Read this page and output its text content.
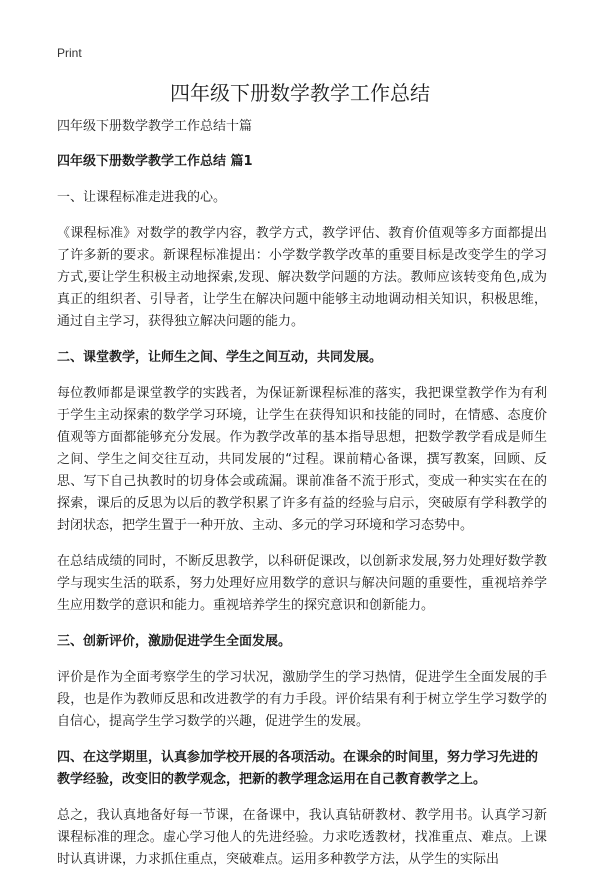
Print
四年级下册数学教学工作总结

四年级下册数学教学工作总结十篇

四年级下册数学教学工作总结 篇1

一、让课程标准走进我的心。

《课程标准》对数学的教学内容，教学方式，教学评估、教育价值观等多方面都提出了许多新的要求。新课程标准提出：小学数学教学改革的重要目标是改变学生的学习方式,要让学生积极主动地探索,发现、解决数学问题的方法。教师应该转变角色,成为真正的组织者、引导者，让学生在解决问题中能够主动地调动相关知识，积极思维，通过自主学习，获得独立解决问题的能力。

二、课堂教学，让师生之间、学生之间互动，共同发展。

每位教师都是课堂教学的实践者，为保证新课程标准的落实，我把课堂教学作为有利于学生主动探索的数学学习环境，让学生在获得知识和技能的同时，在情感、态度价值观等方面都能够充分发展。作为教学改革的基本指导思想，把数学教学看成是师生之间、学生之间交往互动，共同发展的“过程。课前精心备课，撰写教案，回顾、反思、写下自己执教时的切身体会或疏漏。课前准备不流于形式，变成一种实实在在的探索，课后的反思为以后的教学积累了许多有益的经验与启示，突破原有学科教学的封闭状态，把学生置于一种开放、主动、多元的学习环境和学习态势中。

在总结成绩的同时，不断反思教学，以科研促课改，以创新求发展,努力处理好数学教学与现实生活的联系，努力处理好应用数学的意识与解决问题的重要性，重视培养学生应用数学的意识和能力。重视培养学生的探究意识和创新能力。

三、创新评价，激励促进学生全面发展。

评价是作为全面考察学生的学习状况，激励学生的学习热情，促进学生全面发展的手段，也是作为教师反思和改进教学的有力手段。评价结果有利于树立学生学习数学的自信心，提高学生学习数学的兴趣，促进学生的发展。

四、在这学期里，认真参加学校开展的各项活动。在课余的时间里，努力学习先进的教学经验，改变旧的教学观念，把新的教学理念运用在自己教育教学之上。

总之，我认真地备好每一节课，在备课中，我认真钻研教材、教学用书。认真学习新课程标准的理念。虚心学习他人的先进经验。力求吃透教材，找准重点、难点。上课时认真讲课，力求抓住重点，突破难点。运用多种教学方法，从学生的实际出
